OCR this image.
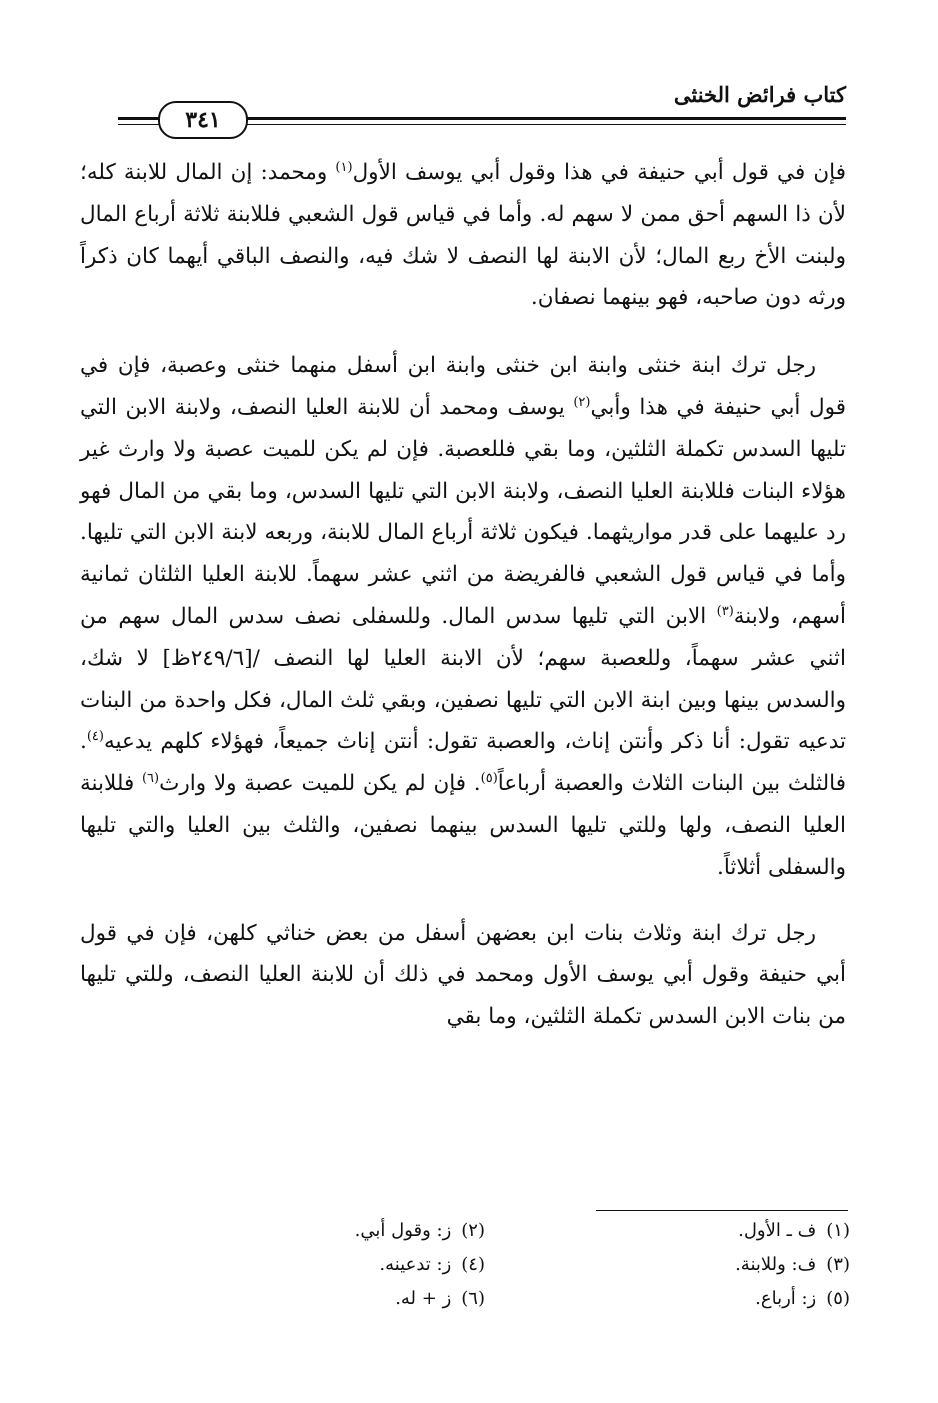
كتاب فرائض الخنثى
٣٤١

فإن في قول أبي حنيفة في هذا وقول أبي يوسف الأول$^{(١)}$ ومحمد: إن المال للابنة كله؛ لأن ذا السهم أحق ممن لا سهم له. وأما في قياس قول الشعبي فللابنة ثلاثة أرباع المال ولبنت الأخ ربع المال؛ لأن الابنة لها النصف لا شك فيه، والنصف الباقي أيهما كان ذكراً ورثه دون صاحبه، فهو بينهما نصفان.

رجل ترك ابنة خنثى وابنة ابن خنثى وابنة ابن أسفل منهما خنثى وعصبة، فإن في قول أبي حنيفة في هذا وأبي$^{(٢)}$ يوسف ومحمد أن للابنة العليا النصف، ولابنة الابن التي تليها السدس تكملة الثلثين، وما بقي فللعصبة. فإن لم يكن للميت عصبة ولا وارث غير هؤلاء البنات فللابنة العليا النصف، ولابنة الابن التي تليها السدس، وما بقي من المال فهو رد عليهما على قدر مواريثهما. فيكون ثلاثة أرباع المال للابنة، وربعه لابنة الابن التي تليها. وأما في قياس قول الشعبي فالفريضة من اثني عشر سهماً. للابنة العليا الثلثان ثمانية أسهم، ولابنة$^{(٣)}$ الابن التي تليها سدس المال. وللسفلى نصف سدس المال سهم من اثني عشر سهماً، وللعصبة سهم؛ لأن الابنة العليا لها النصف /[٢٤٩/٦ظ] لا شك، والسدس بينها وبين ابنة الابن التي تليها نصفين، وبقي ثلث المال، فكل واحدة من البنات تدعيه تقول: أنا ذكر وأنتن إناث، والعصبة تقول: أنتن إناث جميعاً، فهؤلاء كلهم يدعيه$^{(٤)}$. فالثلث بين البنات الثلاث والعصبة أرباعاً$^{(٥)}$. فإن لم يكن للميت عصبة ولا وارث$^{(٦)}$ فللابنة العليا النصف، ولها وللتي تليها السدس بينهما نصفين، والثلث بين العليا والتي تليها والسفلى أثلاثاً.

رجل ترك ابنة وثلاث بنات ابن بعضهن أسفل من بعض خناثي كلهن، فإن في قول أبي حنيفة وقول أبي يوسف الأول ومحمد في ذلك أن للابنة العليا النصف، وللتي تليها من بنات الابن السدس تكملة الثلثين، وما بقي

(١)ف ـ الأول.
(٢)ز: وقول أبي.
(٣)ف: وللابنة.
(٤)ز: تدعينه.
(٥)ز: أرباع.
(٦)ز + له.
